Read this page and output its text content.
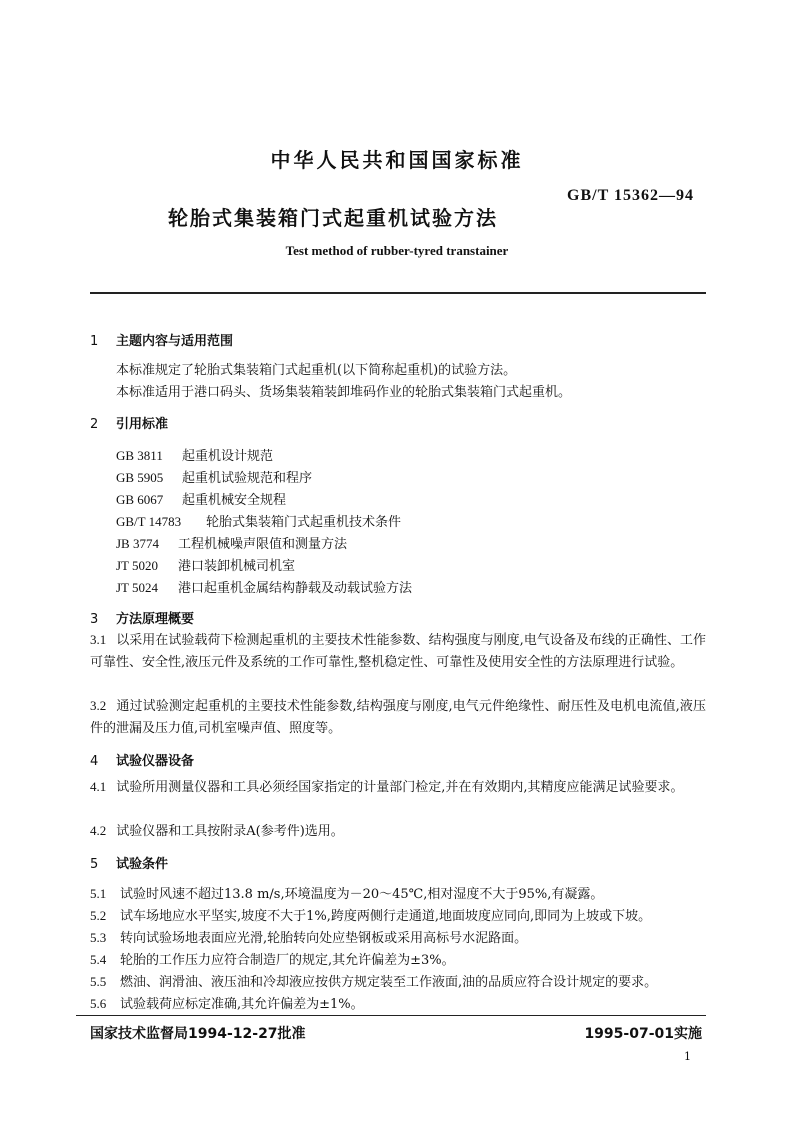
中华人民共和国国家标准
GB/T 15362—94
轮胎式集装箱门式起重机试验方法
Test method of rubber-tyred transtainer
1 主题内容与适用范围
本标准规定了轮胎式集装箱门式起重机(以下简称起重机)的试验方法。
本标准适用于港口码头、货场集装箱装卸堆码作业的轮胎式集装箱门式起重机。
2 引用标准
GB 3811 起重机设计规范
GB 5905 起重机试验规范和程序
GB 6067 起重机械安全规程
GB/T 14783 轮胎式集装箱门式起重机技术条件
JB 3774 工程机械噪声限值和测量方法
JT 5020 港口装卸机械司机室
JT 5024 港口起重机金属结构静载及动载试验方法
3 方法原理概要
3.1 以采用在试验载荷下检测起重机的主要技术性能参数、结构强度与刚度,电气设备及布线的正确性、工作可靠性、安全性,液压元件及系统的工作可靠性,整机稳定性、可靠性及使用安全性的方法原理进行试验。
3.2 通过试验测定起重机的主要技术性能参数,结构强度与刚度,电气元件绝缘性、耐压性及电机电流值,液压件的泄漏及压力值,司机室噪声值、照度等。
4 试验仪器设备
4.1 试验所用测量仪器和工具必须经国家指定的计量部门检定,并在有效期内,其精度应能满足试验要求。
4.2 试验仪器和工具按附录A(参考件)选用。
5 试验条件
5.1 试验时风速不超过13.8 m/s,环境温度为－20～45℃,相对湿度不大于95%,有凝露。
5.2 试车场地应水平坚实,坡度不大于1%,跨度两侧行走通道,地面坡度应同向,即同为上坡或下坡。
5.3 转向试验场地表面应光滑,轮胎转向处应垫钢板或采用高标号水泥路面。
5.4 轮胎的工作压力应符合制造厂的规定,其允许偏差为±3%。
5.5 燃油、润滑油、液压油和冷却液应按供方规定装至工作液面,油的品质应符合设计规定的要求。
5.6 试验载荷应标定准确,其允许偏差为±1%。
国家技术监督局1994-12-27批准	1995-07-01实施
1
